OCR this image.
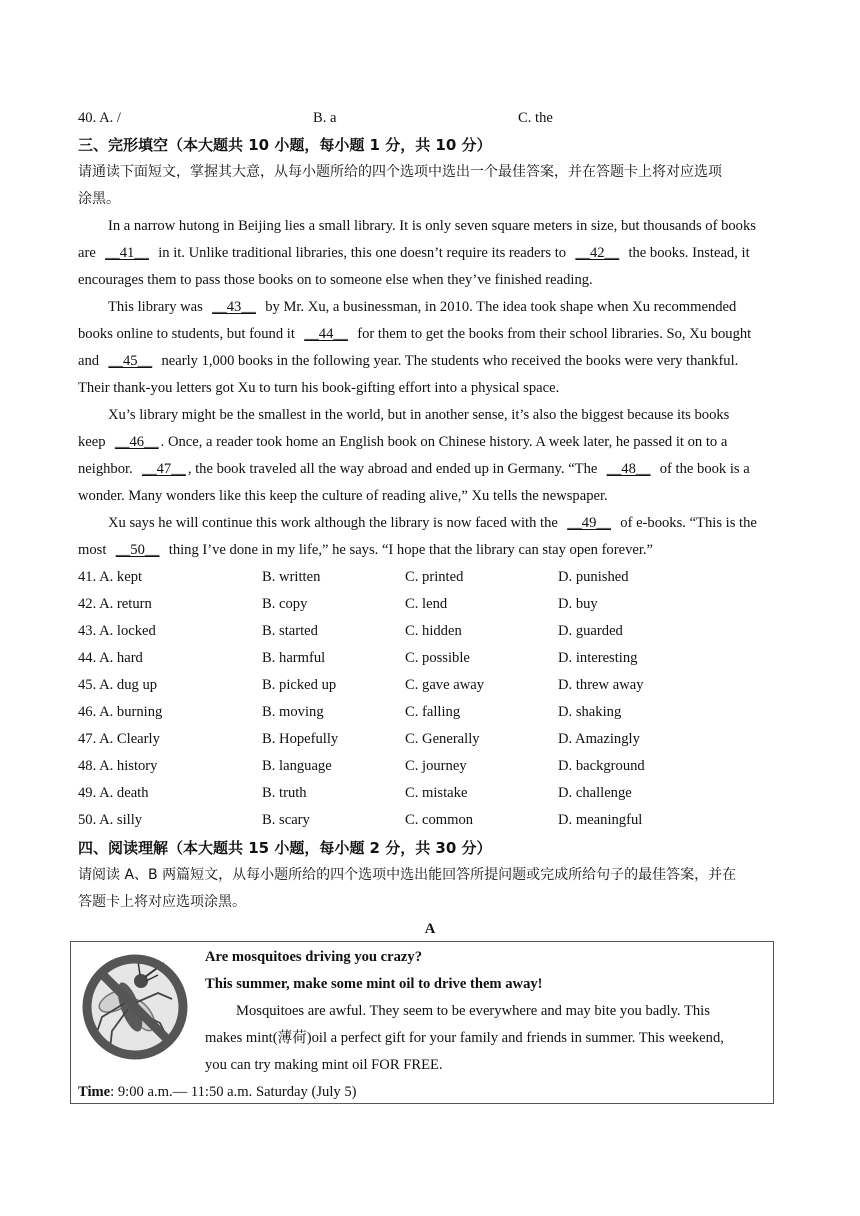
40. A. /	B. a	C. the
三、完形填空（本大题共 10 小题，每小题 1 分，共 10 分）
请通读下面短文，掌握其大意，从每小题所给的四个选项中选出一个最佳答案，并在答题卡上将对应选项
涂黑。
In a narrow hutong in Beijing lies a small library. It is only seven square meters in size, but thousands of books
are __41__ in it. Unlike traditional libraries, this one doesn’t require its readers to __42__ the books. Instead, it
encourages them to pass those books on to someone else when they’ve finished reading.
This library was __43__ by Mr. Xu, a businessman, in 2010. The idea took shape when Xu recommended
books online to students, but found it __44__ for them to get the books from their school libraries. So, Xu bought
and __45__ nearly 1,000 books in the following year. The students who received the books were very thankful.
Their thank-you letters got Xu to turn his book-gifting effort into a physical space.
Xu’s library might be the smallest in the world, but in another sense, it’s also the biggest because its books
keep __46__ . Once, a reader took home an English book on Chinese history. A week later, he passed it on to a
neighbor. __47__ , the book traveled all the way abroad and ended up in Germany. “The __48__ of the book is a
wonder. Many wonders like this keep the culture of reading alive,” Xu tells the newspaper.
Xu says he will continue this work although the library is now faced with the __49__ of e-books. “This is the
most __50__ thing I’ve done in my life,” he says. “I hope that the library can stay open forever.”
41. A. kept	B. written	C. printed	D. punished
42. A. return	B. copy	C. lend	D. buy
43. A. locked	B. started	C. hidden	D. guarded
44. A. hard	B. harmful	C. possible	D. interesting
45. A. dug up	B. picked up	C. gave away	D. threw away
46. A. burning	B. moving	C. falling	D. shaking
47. A. Clearly	B. Hopefully	C. Generally	D. Amazingly
48. A. history	B. language	C. journey	D. background
49. A. death	B. truth	C. mistake	D. challenge
50. A. silly	B. scary	C. common	D. meaningful
四、阅读理解（本大题共 15 小题，每小题 2 分，共 30 分）
请阅读 A、B 两篇短文，从每小题所给的四个选项中选出能回答所提问题或完成所给句子的最佳答案，并在
答题卡上将对应选项涂黑。
A
Are mosquitoes driving you crazy?
This summer, make some mint oil to drive them away!
Mosquitoes are awful. They seem to be everywhere and may bite you badly. This
makes mint(薄荷)oil a perfect gift for your family and friends in summer. This weekend,
you can try making mint oil FOR FREE.
Time: 9:00 a.m.— 11:50 a.m. Saturday (July 5)
